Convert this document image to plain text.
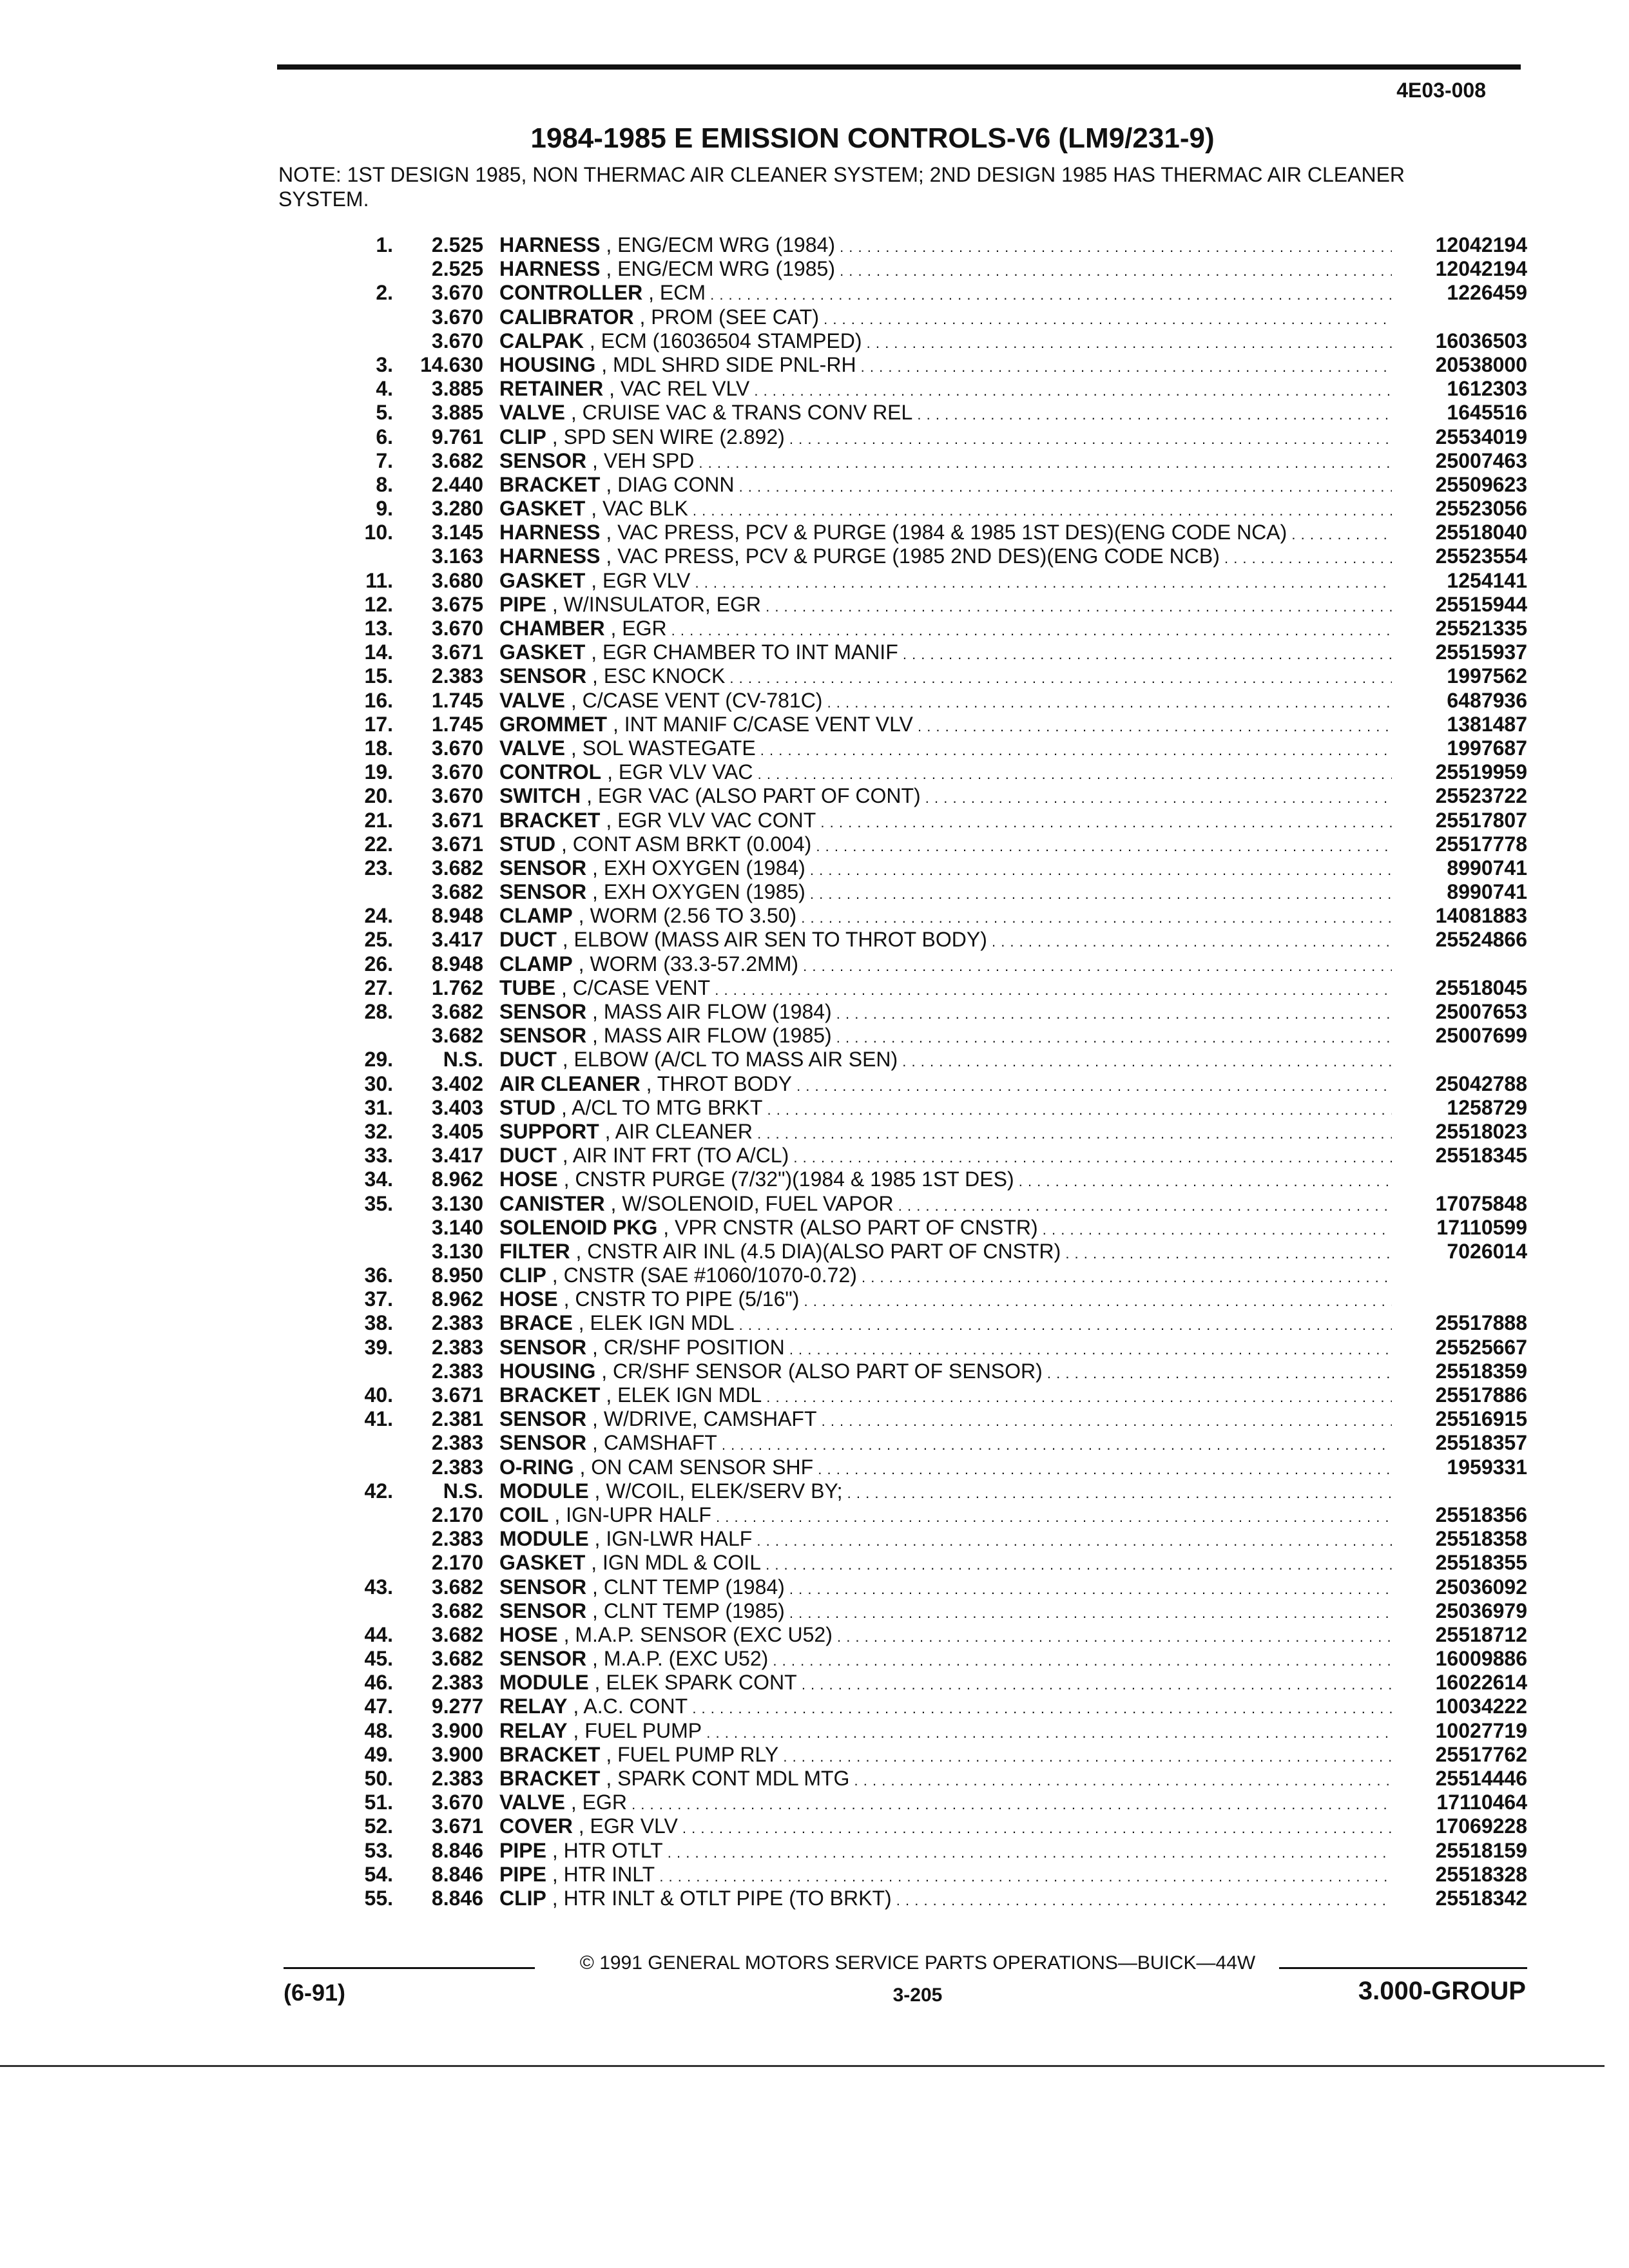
4E03-008
1984-1985 E EMISSION CONTROLS-V6 (LM9/231-9)
NOTE: 1ST DESIGN 1985, NON THERMAC AIR CLEANER SYSTEM; 2ND DESIGN 1985 HAS THERMAC AIR CLEANER SYSTEM.
1. 2.525 HARNESS , ENG/ECM WRG (1984) . . .	12042194
2.525 HARNESS , ENG/ECM WRG (1985) . . .	12042194
2. 3.670 CONTROLLER , ECM . . .	1226459
3.670 CALIBRATOR , PROM (SEE CAT) . . .
3.670 CALPAK , ECM (16036504 STAMPED) . . .	16036503
3. 14.630 HOUSING , MDL SHRD SIDE PNL-RH . . .	20538000
4. 3.885 RETAINER , VAC REL VLV . . .	1612303
5. 3.885 VALVE , CRUISE VAC & TRANS CONV REL . . .	1645516
6. 9.761 CLIP , SPD SEN WIRE (2.892) . . .	25534019
7. 3.682 SENSOR , VEH SPD . . .	25007463
8. 2.440 BRACKET , DIAG CONN . . .	25509623
9. 3.280 GASKET , VAC BLK . . .	25523056
10. 3.145 HARNESS , VAC PRESS, PCV & PURGE (1984 & 1985 1ST DES)(ENG CODE NCA) . . .	25518040
3.163 HARNESS , VAC PRESS, PCV & PURGE (1985 2ND DES)(ENG CODE NCB) . . .	25523554
11. 3.680 GASKET , EGR VLV . . .	1254141
12. 3.675 PIPE , W/INSULATOR, EGR . . .	25515944
13. 3.670 CHAMBER , EGR . . .	25521335
14. 3.671 GASKET , EGR CHAMBER TO INT MANIF . . .	25515937
15. 2.383 SENSOR , ESC KNOCK . . .	1997562
16. 1.745 VALVE , C/CASE VENT (CV-781C) . . .	6487936
17. 1.745 GROMMET , INT MANIF C/CASE VENT VLV . . .	1381487
18. 3.670 VALVE , SOL WASTEGATE . . .	1997687
19. 3.670 CONTROL , EGR VLV VAC . . .	25519959
20. 3.670 SWITCH , EGR VAC (ALSO PART OF CONT) . . .	25523722
21. 3.671 BRACKET , EGR VLV VAC CONT . . .	25517807
22. 3.671 STUD , CONT ASM BRKT (0.004) . . .	25517778
23. 3.682 SENSOR , EXH OXYGEN (1984) . . .	8990741
3.682 SENSOR , EXH OXYGEN (1985) . . .	8990741
24. 8.948 CLAMP , WORM (2.56 TO 3.50) . . .	14081883
25. 3.417 DUCT , ELBOW (MASS AIR SEN TO THROT BODY) . . .	25524866
26. 8.948 CLAMP , WORM (33.3-57.2MM) . . .
27. 1.762 TUBE , C/CASE VENT . . .	25518045
28. 3.682 SENSOR , MASS AIR FLOW (1984) . . .	25007653
3.682 SENSOR , MASS AIR FLOW (1985) . . .	25007699
29. N.S. DUCT , ELBOW (A/CL TO MASS AIR SEN) . . .
30. 3.402 AIR CLEANER , THROT BODY . . .	25042788
31. 3.403 STUD , A/CL TO MTG BRKT . . .	1258729
32. 3.405 SUPPORT , AIR CLEANER . . .	25518023
33. 3.417 DUCT , AIR INT FRT (TO A/CL) . . .	25518345
34. 8.962 HOSE , CNSTR PURGE (7/32")(1984 & 1985 1ST DES) . . .
35. 3.130 CANISTER , W/SOLENOID, FUEL VAPOR . . .	17075848
3.140 SOLENOID PKG , VPR CNSTR (ALSO PART OF CNSTR) . . .	17110599
3.130 FILTER , CNSTR AIR INL (4.5 DIA)(ALSO PART OF CNSTR) . . .	7026014
36. 8.950 CLIP , CNSTR (SAE #1060/1070-0.72) . . .
37. 8.962 HOSE , CNSTR TO PIPE (5/16") . . .
38. 2.383 BRACE , ELEK IGN MDL . . .	25517888
39. 2.383 SENSOR , CR/SHF POSITION . . .	25525667
2.383 HOUSING , CR/SHF SENSOR (ALSO PART OF SENSOR) . . .	25518359
40. 3.671 BRACKET , ELEK IGN MDL . . .	25517886
41. 2.381 SENSOR , W/DRIVE, CAMSHAFT . . .	25516915
2.383 SENSOR , CAMSHAFT . . .	25518357
2.383 O-RING , ON CAM SENSOR SHF . . .	1959331
42. N.S. MODULE , W/COIL, ELEK/SERV BY; . . .
2.170 COIL , IGN-UPR HALF . . .	25518356
2.383 MODULE , IGN-LWR HALF . . .	25518358
2.170 GASKET , IGN MDL & COIL . . .	25518355
43. 3.682 SENSOR , CLNT TEMP (1984) . . .	25036092
3.682 SENSOR , CLNT TEMP (1985) . . .	25036979
44. 3.682 HOSE , M.A.P. SENSOR (EXC U52) . . .	25518712
45. 3.682 SENSOR , M.A.P. (EXC U52) . . .	16009886
46. 2.383 MODULE , ELEK SPARK CONT . . .	16022614
47. 9.277 RELAY , A.C. CONT . . .	10034222
48. 3.900 RELAY , FUEL PUMP . . .	10027719
49. 3.900 BRACKET , FUEL PUMP RLY . . .	25517762
50. 2.383 BRACKET , SPARK CONT MDL MTG . . .	25514446
51. 3.670 VALVE , EGR . . .	17110464
52. 3.671 COVER , EGR VLV . . .	17069228
53. 8.846 PIPE , HTR OTLT . . .	25518159
54. 8.846 PIPE , HTR INLT . . .	25518328
55. 8.846 CLIP , HTR INLT & OTLT PIPE (TO BRKT) . . .	25518342
© 1991 GENERAL MOTORS SERVICE PARTS OPERATIONS—BUICK—44W
(6-91)	3-205	3.000-GROUP
